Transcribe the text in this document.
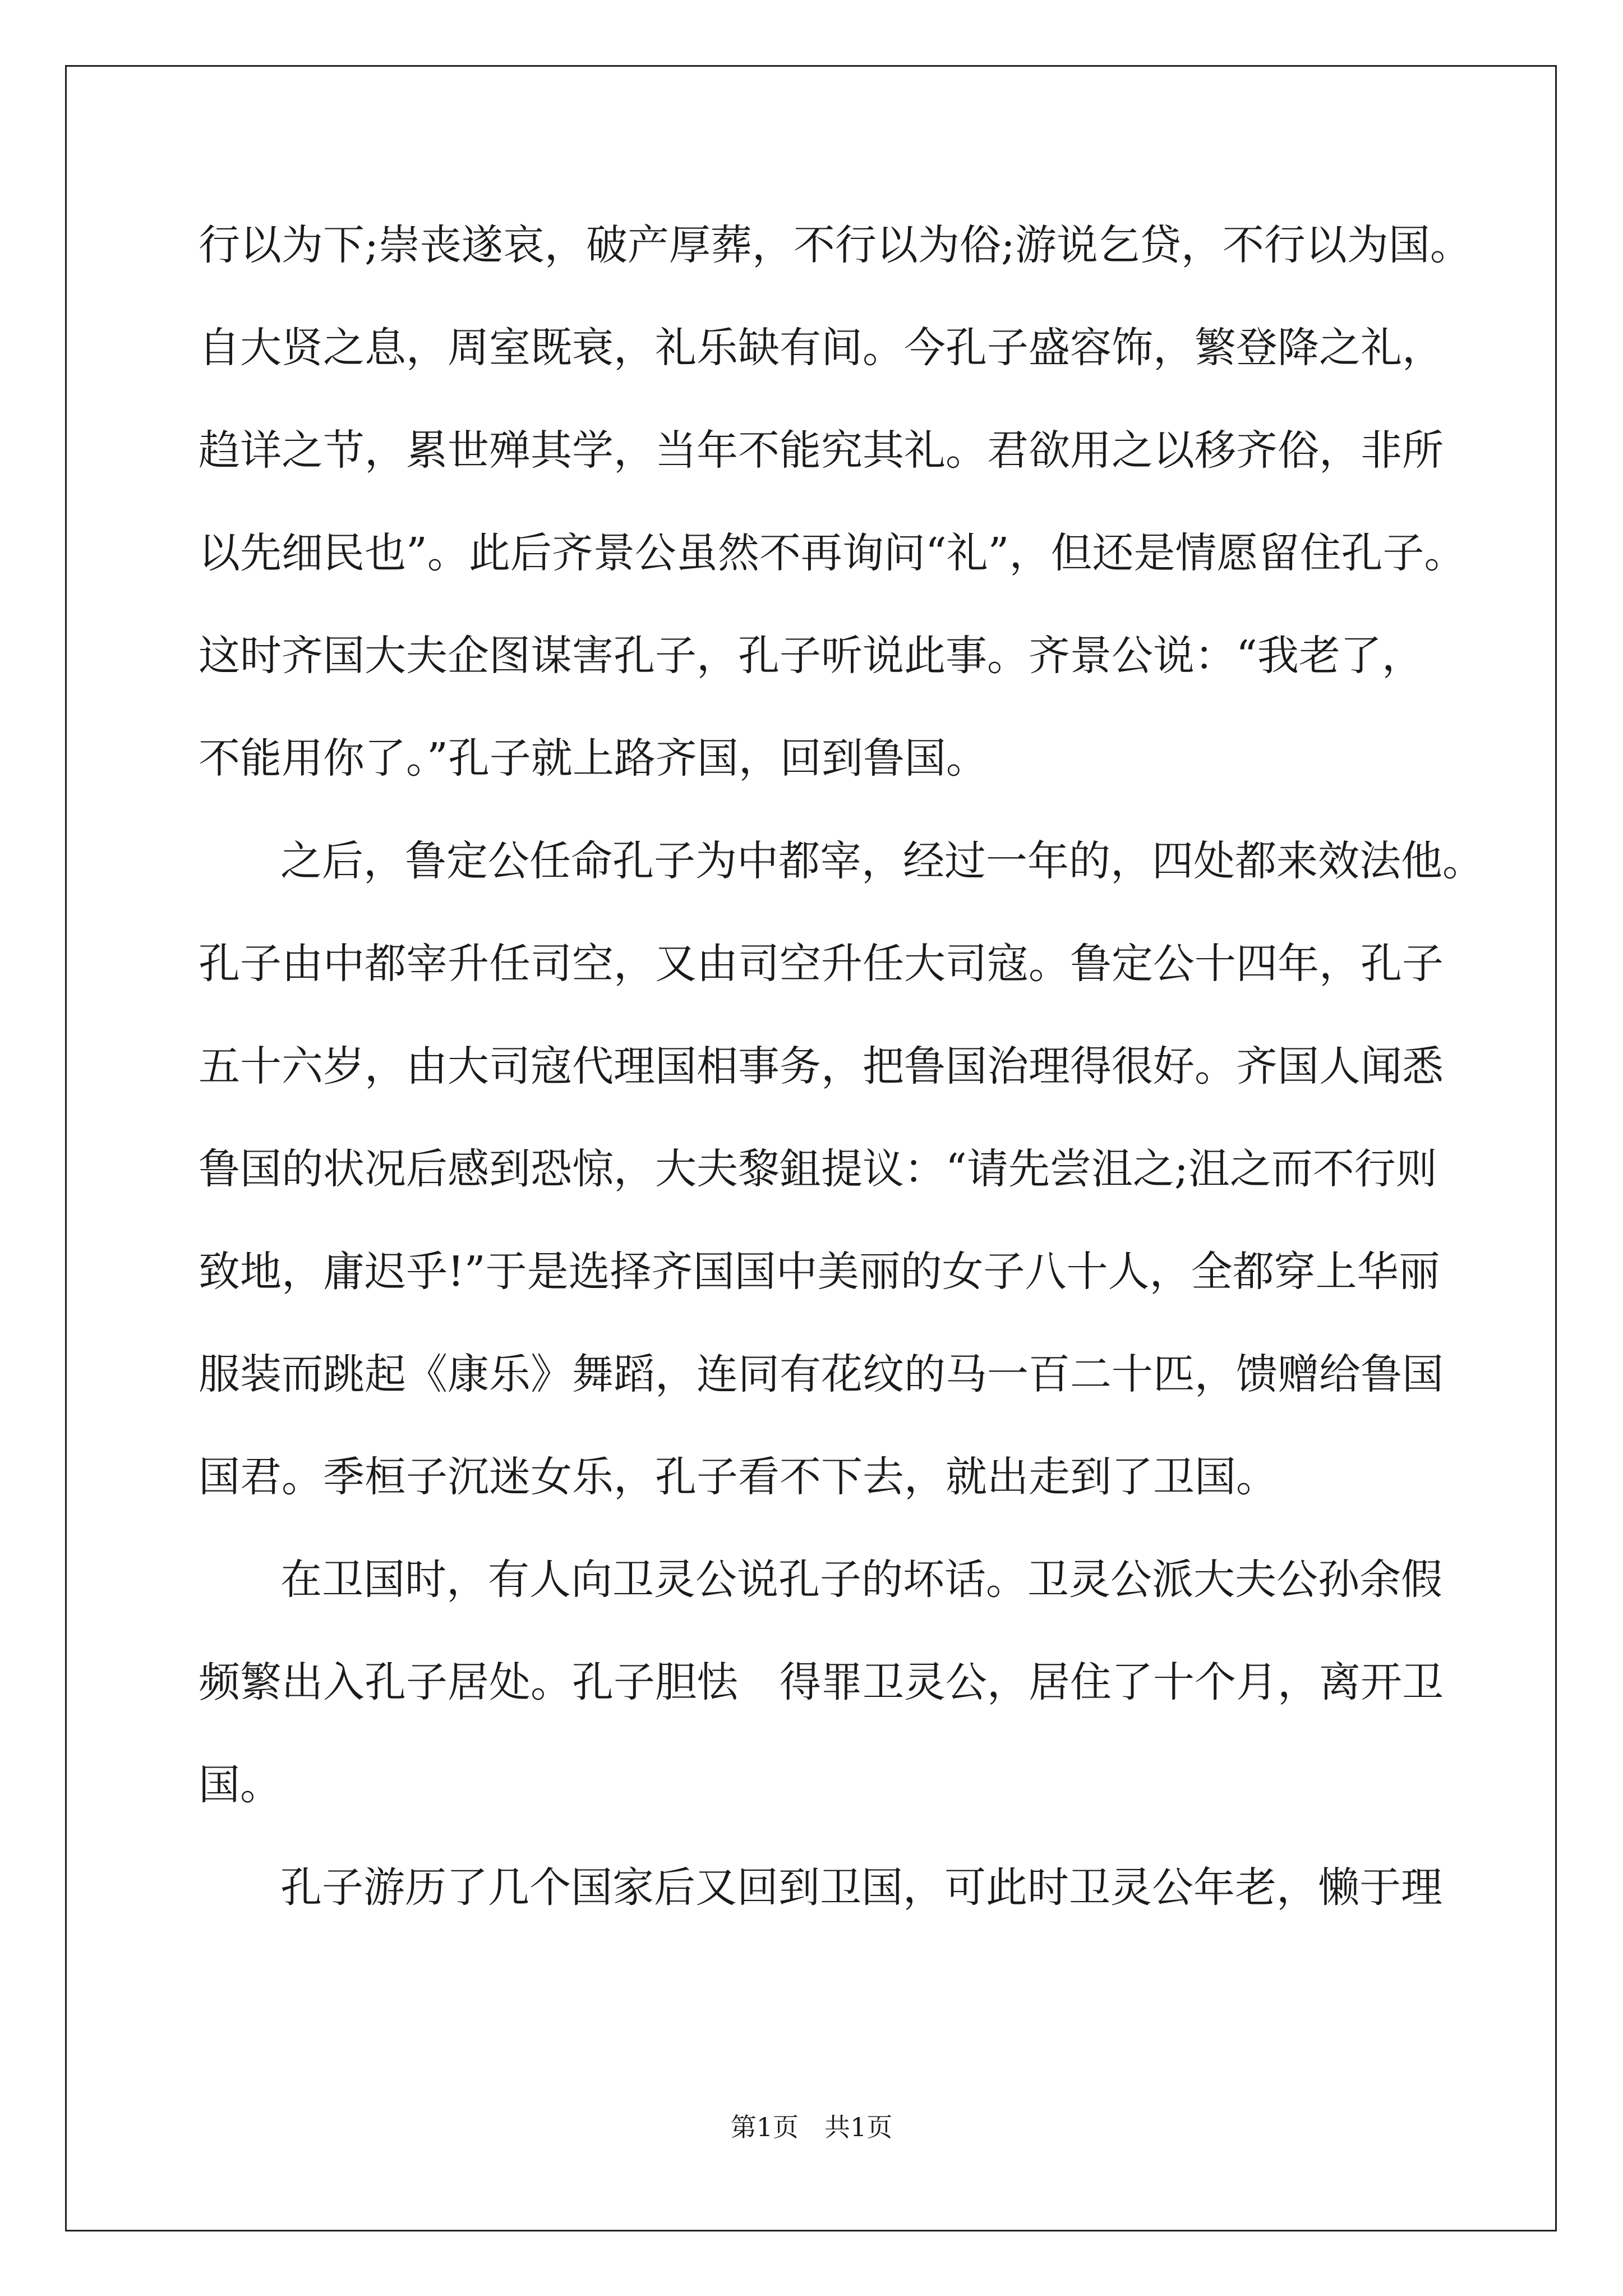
行以为下;崇丧遂哀，破产厚葬，不行以为俗;游说乞贷，不行以为国。
自大贤之息，周室既衰，礼乐缺有间。今孔子盛容饰，繁登降之礼，
趋详之节，累世殚其学，当年不能究其礼。君欲用之以移齐俗，非所
以先细民也”。此后齐景公虽然不再询问“礼”，但还是情愿留住孔子。
这时齐国大夫企图谋害孔子，孔子听说此事。齐景公说：“我老了，
不能用你了。”孔子就上路齐国，回到鲁国。
之后，鲁定公任命孔子为中都宰，经过一年的，四处都来效法他。
孔子由中都宰升任司空，又由司空升任大司寇。鲁定公十四年，孔子
五十六岁，由大司寇代理国相事务，把鲁国治理得很好。齐国人闻悉
鲁国的状况后感到恐惊，大夫黎鉏提议：“请先尝沮之;沮之而不行则
致地，庸迟乎!”于是选择齐国国中美丽的女子八十人，全都穿上华丽
服装而跳起《康乐》舞蹈，连同有花纹的马一百二十匹，馈赠给鲁国
国君。季桓子沉迷女乐，孔子看不下去，就出走到了卫国。
在卫国时，有人向卫灵公说孔子的坏话。卫灵公派大夫公孙余假
频繁出入孔子居处。孔子胆怯　得罪卫灵公，居住了十个月，离开卫
国。
孔子游历了几个国家后又回到卫国，可此时卫灵公年老，懒于理
第1页　共1页
